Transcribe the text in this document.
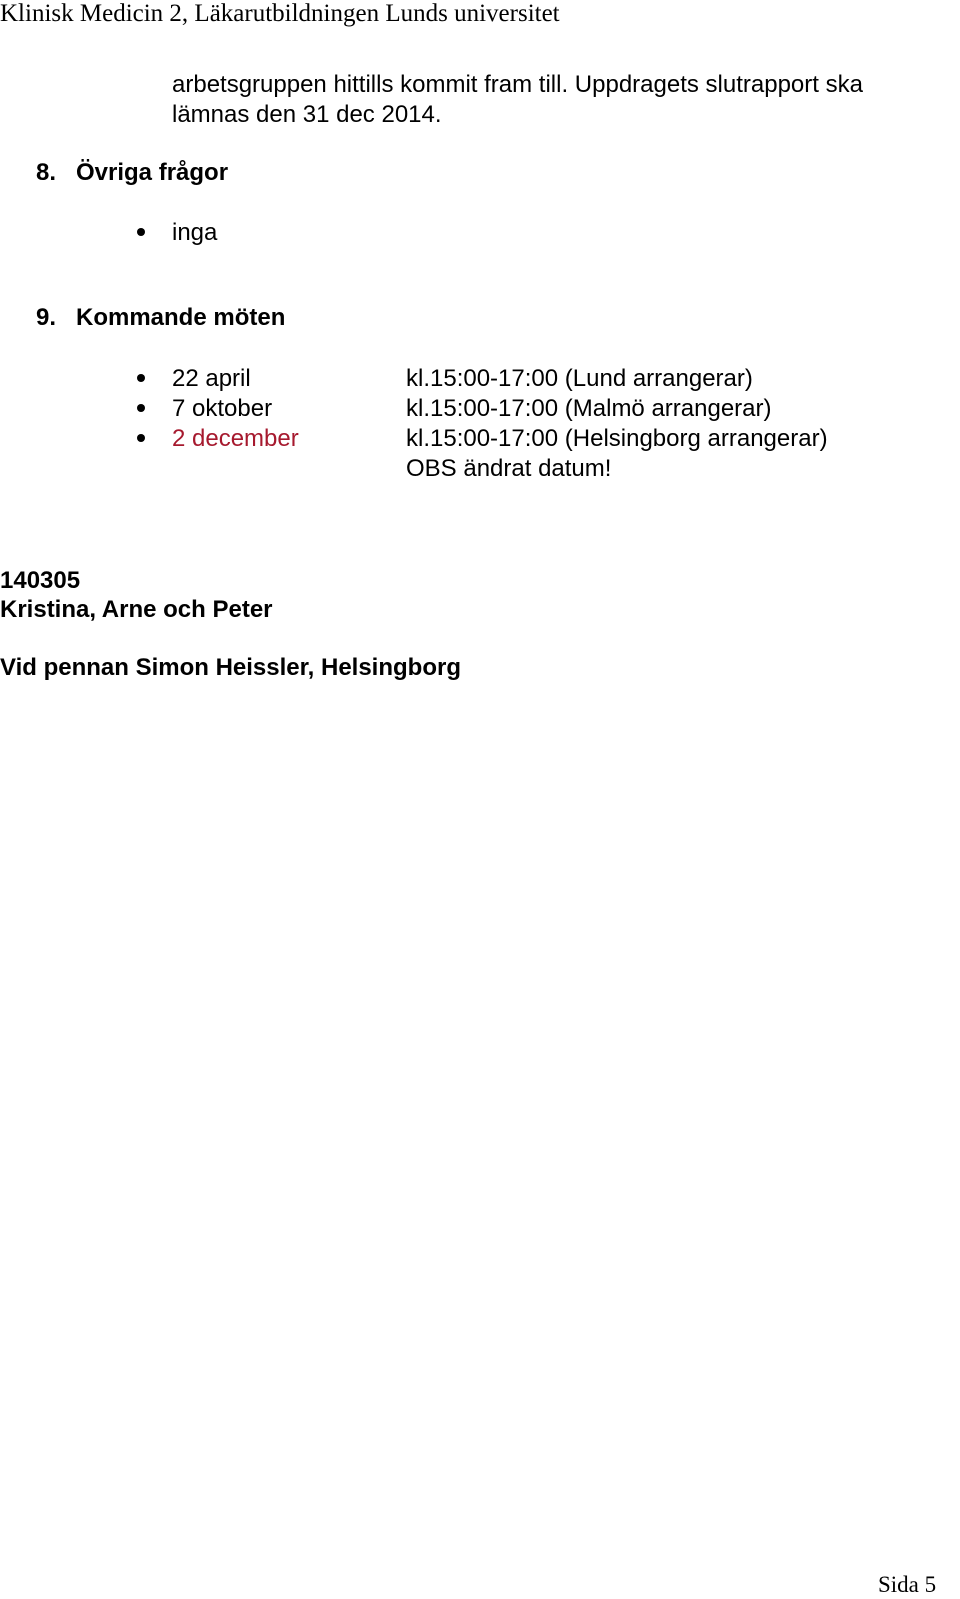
Klinisk Medicin 2, Läkarutbildningen Lunds universitet
arbetsgruppen hittills kommit fram till. Uppdragets slutrapport ska
lämnas den 31 dec 2014.
8. Övriga frågor
inga
9. Kommande möten
22 april	kl.15:00-17:00 (Lund arrangerar)
7 oktober	kl.15:00-17:00 (Malmö arrangerar)
2 december	kl.15:00-17:00 (Helsingborg arrangerar)
OBS ändrat datum!
140305
Kristina, Arne och Peter
Vid pennan Simon Heissler, Helsingborg
Sida 5
